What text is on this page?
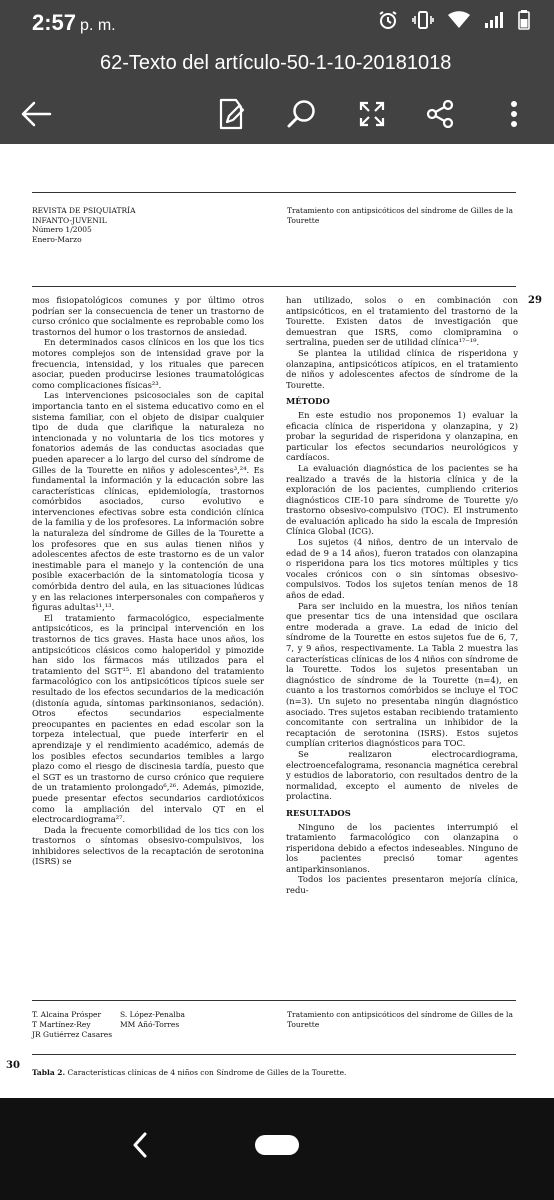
2:57 p. m.
62-Texto del artículo-50-1-10-20181018
REVISTA DE PSIQUIATRÍA
INFANTO-JUVENIL
Número 1/2005
Enero-Marzo
Tratamiento con antipsicóticos del síndrome de Gilles de la Tourette
29

mos fisiopatológicos comunes y por último otros podrían ser la consecuencia de tener un trastorno de curso crónico que socialmente es reprobable como los trastornos del humor o los trastornos de ansiedad.

En determinados casos clínicos en los que los tics motores complejos son de intensidad grave por la frecuencia, intensidad, y los rituales que parecen asociar, pueden producirse lesiones traumatológicas como complicaciones físicas²³.

Las intervenciones psicosociales son de capital importancia tanto en el sistema educativo como en el sistema familiar, con el objeto de disipar cualquier tipo de duda que clarifique la naturaleza no intencionada y no voluntaria de los tics motores y fonatorios además de las conductas asociadas que pueden aparecer a lo largo del curso del síndrome de Gilles de la Tourette en niños y adolescentes³,²⁴. Es fundamental la información y la educación sobre las características clínicas, epidemiología, trastornos comórbidos asociados, curso evolutivo e intervenciones efectivas sobre esta condición clínica de la familia y de los profesores. La información sobre la naturaleza del síndrome de Gilles de la Tourette a los profesores que en sus aulas tienen niños y adolescentes afectos de este trastorno es de un valor inestimable para el manejo y la contención de una posible exacerbación de la sintomatología ticosa y comórbida dentro del aula, en las situaciones lúdicas y en las relaciones interpersonales con compañeros y figuras adultas¹¹,¹³.

El tratamiento farmacológico, especialmente antipsicóticos, es la principal intervención en los trastornos de tics graves. Hasta hace unos años, los antipsicóticos clásicos como haloperidol y pimozide han sido los fármacos más utilizados para el tratamiento del SGT¹⁵. El abandono del tratamiento farmacológico con los antipsicóticos típicos suele ser resultado de los efectos secundarios de la medicación (distonía aguda, síntomas parkinsonianos, sedación). Otros efectos secundarios especialmente preocupantes en pacientes en edad escolar son la torpeza intelectual, que puede interferir en el aprendizaje y el rendimiento académico, además de los posibles efectos secundarios temibles a largo plazo como el riesgo de discinesia tardía, puesto que el SGT es un trastorno de curso crónico que requiere de un tratamiento prolongado⁶,²⁶. Además, pimozide, puede presentar efectos secundarios cardiotóxicos como la ampliación del intervalo QT en el electrocardiograma²⁷.

Dada la frecuente comorbilidad de los tics con los trastornos o síntomas obsesivo-compulsivos, los inhibidores selectivos de la recaptación de serotonina (ISRS) se

han utilizado, solos o en combinación con antipsicóticos, en el tratamiento del trastorno de la Tourette. Existen datos de investigación que demuestran que ISRS, como clomipramina o sertralina, pueden ser de utilidad clínica¹⁷⁻¹⁹.

Se plantea la utilidad clínica de risperidona y olanzapina, antipsicóticos atípicos, en el tratamiento de niños y adolescentes afectos de síndrome de la Tourette.

MÉTODO

En este estudio nos proponemos 1) evaluar la eficacia clínica de risperidona y olanzapina, y 2) probar la seguridad de risperidona y olanzapina, en particular los efectos secundarios neurológicos y cardíacos.

La evaluación diagnóstica de los pacientes se ha realizado a través de la historia clínica y de la exploración de los pacientes, cumpliendo criterios diagnósticos CIE-10 para síndrome de Tourette y/o trastorno obsesivo-compulsivo (TOC). El instrumento de evaluación aplicado ha sido la escala de Impresión Clínica Global (ICG).

Los sujetos (4 niños, dentro de un intervalo de edad de 9 a 14 años), fueron tratados con olanzapina o risperidona para los tics motores múltiples y tics vocales crónicos con o sin síntomas obsesivo-compulsivos. Todos los sujetos tenían menos de 18 años de edad.

Para ser incluido en la muestra, los niños tenían que presentar tics de una intensidad que oscilara entre moderada a grave. La edad de inicio del síndrome de la Tourette en estos sujetos fue de 6, 7, 7, y 9 años, respectivamente. La Tabla 2 muestra las características clínicas de los 4 niños con síndrome de la Tourette. Todos los sujetos presentaban un diagnóstico de síndrome de la Tourette (n=4), en cuanto a los trastornos comórbidos se incluye el TOC (n=3). Un sujeto no presentaba ningún diagnóstico asociado. Tres sujetos estaban recibiendo tratamiento concomitante con sertralina un inhibidor de la recaptación de serotonina (ISRS). Estos sujetos cumplían criterios diagnósticos para TOC.

Se realizaron electrocardiograma, electroencefalograma, resonancia magnética cerebral y estudios de laboratorio, con resultados dentro de la normalidad, excepto el aumento de niveles de prolactina.

RESULTADOS

Ninguno de los pacientes interrumpió el tratamiento farmacológico con olanzapina o risperidona debido a efectos indeseables. Ninguno de los pacientes precisó tomar agentes antiparkinsonianos.

Todos los pacientes presentaron mejoría clínica, redu-

T. Alcaina Prósper	S. López-Penalba
T Martínez-Rey	MM Añó-Torres
JR Gutiérrez Casares
Tratamiento con antipsicóticos del síndrome de Gilles de la Tourette
30
Tabla 2. Características clínicas de 4 niños con Síndrome de Gilles de la Tourette.
